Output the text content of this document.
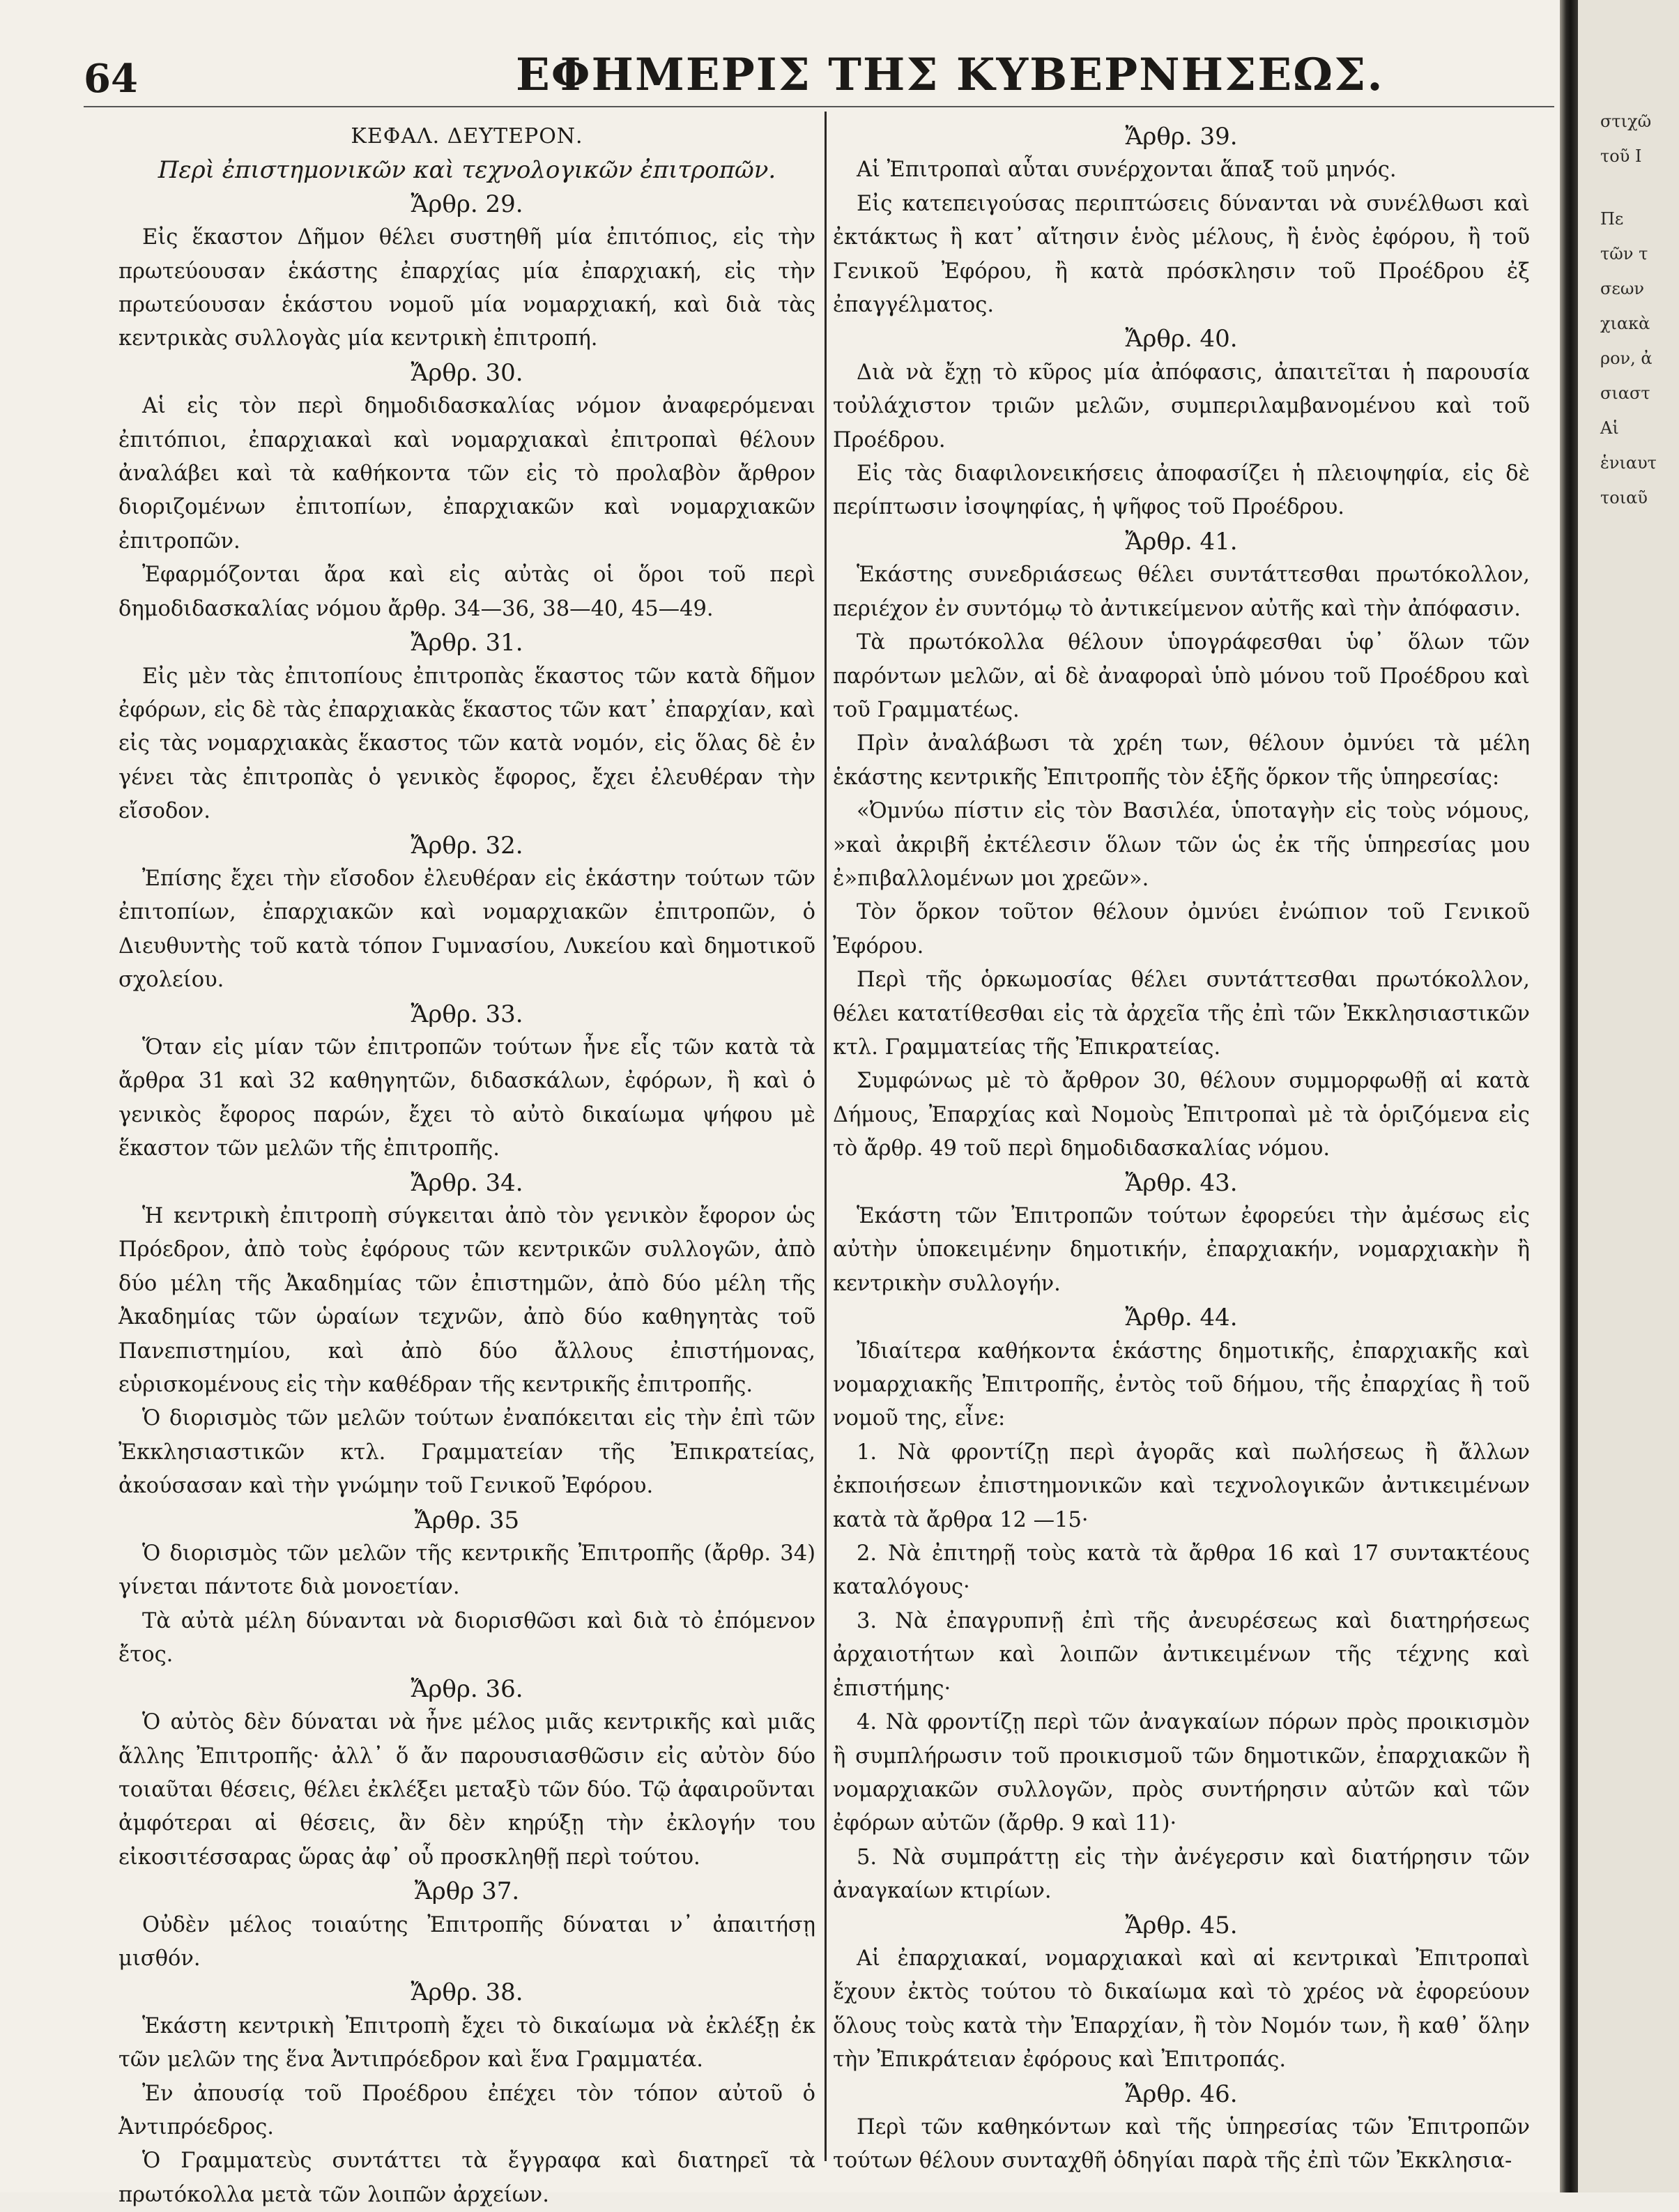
64	ΕΦΗΜΕΡΙΣ ΤΗΣ ΚΥΒΕΡΝΗΣΕΩΣ.
ΚΕΦΑΛ. ΔΕΥΤΕΡΟΝ.
Περὶ ἐπιστημονικῶν καὶ τεχνολογικῶν ἐπιτροπῶν.
Ἄρθρ. 29.

Εἰς ἕκαστον Δῆμον θέλει συστηθῆ μία ἐπιτόπιος, εἰς τὴν πρωτεύουσαν ἑκάστης ἐπαρχίας μία ἐπαρχιακή, εἰς τὴν πρωτεύουσαν ἑκάστου νομοῦ μία νομαρχιακή, καὶ διὰ τὰς κεντρικὰς συλλογὰς μία κεντρικὴ ἐπιτροπή.

Ἄρθρ. 30.

Αἱ εἰς τὸν περὶ δημοδιδασκαλίας νόμον ἀναφερόμεναι ἐπιτόπιοι, ἐπαρχιακαὶ καὶ νομαρχιακαὶ ἐπιτροπαὶ θέλουν ἀναλάβει καὶ τὰ καθήκοντα τῶν εἰς τὸ προλαβὸν ἄρθρον διοριζομένων ἐπιτοπίων, ἐπαρχιακῶν καὶ νομαρχιακῶν ἐπιτροπῶν.

Ἐφαρμόζονται ἄρα καὶ εἰς αὐτὰς οἱ ὅροι τοῦ περὶ δημοδιδασκαλίας νόμου ἄρθρ. 34—36, 38—40, 45—49.

Ἄρθρ. 31.

Εἰς μὲν τὰς ἐπιτοπίους ἐπιτροπὰς ἕκαστος τῶν κατὰ δῆμον ἐφόρων, εἰς δὲ τὰς ἐπαρχιακὰς ἕκαστος τῶν κατ᾽ ἐπαρχίαν, καὶ εἰς τὰς νομαρχιακὰς ἕκαστος τῶν κατὰ νομόν, εἰς ὅλας δὲ ἐν γένει τὰς ἐπιτροπὰς ὁ γενικὸς ἔφορος, ἔχει ἐλευθέραν τὴν εἴσοδον.

Ἄρθρ. 32.

Ἐπίσης ἔχει τὴν εἴσοδον ἐλευθέραν εἰς ἑκάστην τούτων τῶν ἐπιτοπίων, ἐπαρχιακῶν καὶ νομαρχιακῶν ἐπιτροπῶν, ὁ Διευθυντὴς τοῦ κατὰ τόπον Γυμνασίου, Λυκείου καὶ δημοτικοῦ σχολείου.

Ἄρθρ. 33.

Ὅταν εἰς μίαν τῶν ἐπιτροπῶν τούτων ἦνε εἷς τῶν κατὰ τὰ ἄρθρα 31 καὶ 32 καθηγητῶν, διδασκάλων, ἐφόρων, ἢ καὶ ὁ γενικὸς ἔφορος παρών, ἔχει τὸ αὐτὸ δικαίωμα ψήφου μὲ ἕκαστον τῶν μελῶν τῆς ἐπιτροπῆς.

Ἄρθρ. 34.

Ἡ κεντρικὴ ἐπιτροπὴ σύγκειται ἀπὸ τὸν γενικὸν ἔφορον ὡς Πρόεδρον, ἀπὸ τοὺς ἐφόρους τῶν κεντρικῶν συλλογῶν, ἀπὸ δύο μέλη τῆς Ἀκαδημίας τῶν ἐπιστημῶν, ἀπὸ δύο μέλη τῆς Ἀκαδημίας τῶν ὡραίων τεχνῶν, ἀπὸ δύο καθηγητὰς τοῦ Πανεπιστημίου, καὶ ἀπὸ δύο ἄλλους ἐπιστήμονας, εὑρισκομένους εἰς τὴν καθέδραν τῆς κεντρικῆς ἐπιτροπῆς.

Ὁ διορισμὸς τῶν μελῶν τούτων ἐναπόκειται εἰς τὴν ἐπὶ τῶν Ἐκκλησιαστικῶν κτλ. Γραμματείαν τῆς Ἐπικρατείας, ἀκούσασαν καὶ τὴν γνώμην τοῦ Γενικοῦ Ἐφόρου.

Ἄρθρ. 35

Ὁ διορισμὸς τῶν μελῶν τῆς κεντρικῆς Ἐπιτροπῆς (ἄρθρ. 34) γίνεται πάντοτε διὰ μονοετίαν.

Τὰ αὐτὰ μέλη δύνανται νὰ διορισθῶσι καὶ διὰ τὸ ἐπόμενον ἔτος.

Ἄρθρ. 36.

Ὁ αὐτὸς δὲν δύναται νὰ ἦνε μέλος μιᾶς κεντρικῆς καὶ μιᾶς ἄλλης Ἐπιτροπῆς· ἀλλ᾽ ὅ ἄν παρουσιασθῶσιν εἰς αὐτὸν δύο τοιαῦται θέσεις, θέλει ἐκλέξει μεταξὺ τῶν δύο. Τῷ ἀφαιροῦνται ἀμφότεραι αἱ θέσεις, ἂν δὲν κηρύξῃ τὴν ἐκλογήν του εἰκοσιτέσσαρας ὥρας ἀφ᾽ οὗ προσκληθῇ περὶ τούτου.

Ἄρθρ 37.

Οὐδὲν μέλος τοιαύτης Ἐπιτροπῆς δύναται ν᾽ ἀπαιτήσῃ μισθόν.

Ἄρθρ. 38.

Ἑκάστη κεντρικὴ Ἐπιτροπὴ ἔχει τὸ δικαίωμα νὰ ἐκλέξῃ ἐκ τῶν μελῶν της ἕνα Ἀντιπρόεδρον καὶ ἕνα Γραμματέα.

Ἐν ἀπουσίᾳ τοῦ Προέδρου ἐπέχει τὸν τόπον αὐτοῦ ὁ Ἀντιπρόεδρος.

Ὁ Γραμματεὺς συντάττει τὰ ἔγγραφα καὶ διατηρεῖ τὰ πρωτόκολλα μετὰ τῶν λοιπῶν ἀρχείων.

Ἄρθρ. 39.

Αἱ Ἐπιτροπαὶ αὗται συνέρχονται ἅπαξ τοῦ μηνός.

Εἰς κατεπειγούσας περιπτώσεις δύνανται νὰ συνέλθωσι καὶ ἐκτάκτως ἢ κατ᾽ αἴτησιν ἑνὸς μέλους, ἢ ἑνὸς ἐφόρου, ἢ τοῦ Γενικοῦ Ἐφόρου, ἢ κατὰ πρόσκλησιν τοῦ Προέδρου ἐξ ἐπαγγέλματος.

Ἄρθρ. 40.

Διὰ νὰ ἔχῃ τὸ κῦρος μία ἀπόφασις, ἀπαιτεῖται ἡ παρουσία τοὐλάχιστον τριῶν μελῶν, συμπεριλαμβανομένου καὶ τοῦ Προέδρου.

Εἰς τὰς διαφιλονεικήσεις ἀποφασίζει ἡ πλειοψηφία, εἰς δὲ περίπτωσιν ἰσοψηφίας, ἡ ψῆφος τοῦ Προέδρου.

Ἄρθρ. 41.

Ἑκάστης συνεδριάσεως θέλει συντάττεσθαι πρωτόκολλον, περιέχον ἐν συντόμῳ τὸ ἀντικείμενον αὐτῆς καὶ τὴν ἀπόφασιν.

Τὰ πρωτόκολλα θέλουν ὑπογράφεσθαι ὑφ᾽ ὅλων τῶν παρόντων μελῶν, αἱ δὲ ἀναφοραὶ ὑπὸ μόνου τοῦ Προέδρου καὶ τοῦ Γραμματέως.

Πρὶν ἀναλάβωσι τὰ χρέη των, θέλουν ὀμνύει τὰ μέλη ἑκάστης κεντρικῆς Ἐπιτροπῆς τὸν ἑξῆς ὅρκον τῆς ὑπηρεσίας:

«Ὀμνύω πίστιν εἰς τὸν Βασιλέα, ὑποταγὴν εἰς τοὺς νόμους, »καὶ ἀκριβῆ ἐκτέλεσιν ὅλων τῶν ὡς ἐκ τῆς ὑπηρεσίας μου ἐ»πιβαλλομένων μοι χρεῶν».

Τὸν ὅρκον τοῦτον θέλουν ὀμνύει ἐνώπιον τοῦ Γενικοῦ Ἐφόρου.

Περὶ τῆς ὁρκωμοσίας θέλει συντάττεσθαι πρωτόκολλον, θέλει κατατίθεσθαι εἰς τὰ ἀρχεῖα τῆς ἐπὶ τῶν Ἐκκλησιαστικῶν κτλ. Γραμματείας τῆς Ἐπικρατείας.

Συμφώνως μὲ τὸ ἄρθρον 30, θέλουν συμμορφωθῇ αἱ κατὰ Δήμους, Ἐπαρχίας καὶ Νομοὺς Ἐπιτροπαὶ μὲ τὰ ὁριζόμενα εἰς τὸ ἄρθρ. 49 τοῦ περὶ δημοδιδασκαλίας νόμου.

Ἄρθρ. 43.

Ἑκάστη τῶν Ἐπιτροπῶν τούτων ἐφορεύει τὴν ἀμέσως εἰς αὐτὴν ὑποκειμένην δημοτικήν, ἐπαρχιακήν, νομαρχιακὴν ἢ κεντρικὴν συλλογήν.

Ἄρθρ. 44.

Ἰδιαίτερα καθήκοντα ἑκάστης δημοτικῆς, ἐπαρχιακῆς καὶ νομαρχιακῆς Ἐπιτροπῆς, ἐντὸς τοῦ δήμου, τῆς ἐπαρχίας ἢ τοῦ νομοῦ της, εἶνε:

1. Νὰ φροντίζῃ περὶ ἀγορᾶς καὶ πωλήσεως ἢ ἄλλων ἐκποιήσεων ἐπιστημονικῶν καὶ τεχνολογικῶν ἀντικειμένων κατὰ τὰ ἄρθρα 12 —15·

2. Νὰ ἐπιτηρῇ τοὺς κατὰ τὰ ἄρθρα 16 καὶ 17 συντακτέους καταλόγους·

3. Νὰ ἐπαγρυπνῇ ἐπὶ τῆς ἀνευρέσεως καὶ διατηρήσεως ἀρχαιοτήτων καὶ λοιπῶν ἀντικειμένων τῆς τέχνης καὶ ἐπιστήμης·

4. Νὰ φροντίζῃ περὶ τῶν ἀναγκαίων πόρων πρὸς προικισμὸν ἢ συμπλήρωσιν τοῦ προικισμοῦ τῶν δημοτικῶν, ἐπαρχιακῶν ἢ νομαρχιακῶν συλλογῶν, πρὸς συντήρησιν αὐτῶν καὶ τῶν ἐφόρων αὐτῶν (ἄρθρ. 9 καὶ 11)·

5. Νὰ συμπράττῃ εἰς τὴν ἀνέγερσιν καὶ διατήρησιν τῶν ἀναγκαίων κτιρίων.

Ἄρθρ. 45.

Αἱ ἐπαρχιακαί, νομαρχιακαὶ καὶ αἱ κεντρικαὶ Ἐπιτροπαὶ ἔχουν ἐκτὸς τούτου τὸ δικαίωμα καὶ τὸ χρέος νὰ ἐφορεύουν ὅλους τοὺς κατὰ τὴν Ἐπαρχίαν, ἢ τὸν Νομόν των, ἢ καθ᾽ ὅλην τὴν Ἐπικράτειαν ἐφόρους καὶ Ἐπιτροπάς.

Ἄρθρ. 46.

Περὶ τῶν καθηκόντων καὶ τῆς ὑπηρεσίας τῶν Ἐπιτροπῶν τούτων θέλουν συνταχθῆ ὁδηγίαι παρὰ τῆς ἐπὶ τῶν Ἐκκλησια-

στιχῶ
τοῦ Ι
Πε
τῶν τ
σεων
χιακὰ
ρον, ἀ
σιαστ
Αἱ
ἑνιαυτ
τοιαῦ
